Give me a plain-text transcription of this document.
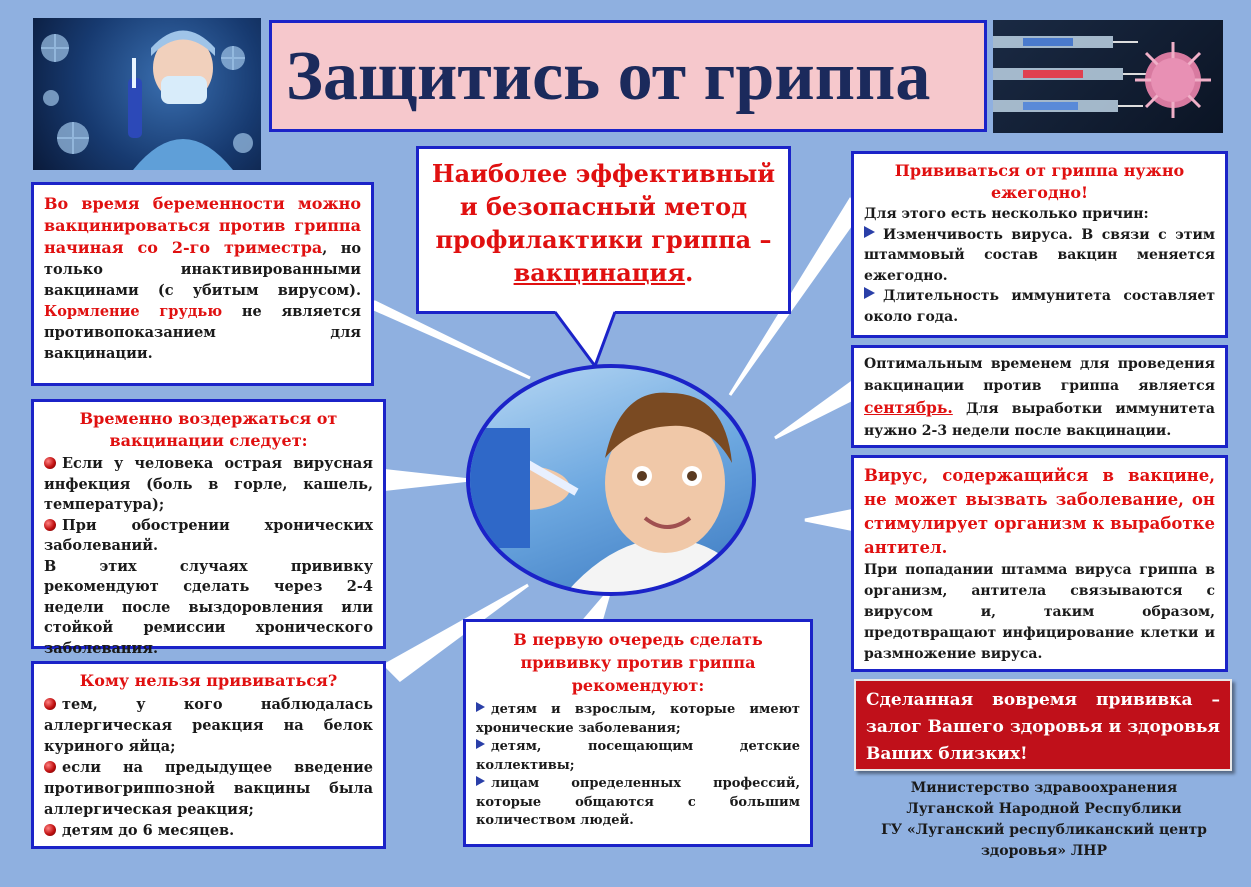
Защитись от гриппа
Наиболее эффективный
и безопасный метод
профилактики гриппа –
вакцинация.
Во время беременности можно вакцинироваться против гриппа начиная со 2-го триместра, но только инактивированными вакцинами (с убитым вирусом). Кормление грудью не является противопоказанием для вакцинации.
Временно воздержаться от вакцинации следует:
Если у человека острая вирусная инфекция (боль в горле, кашель, температура);
При обострении хронических заболеваний.
В этих случаях прививку рекомендуют сделать через 2-4 недели после выздоровления или стойкой ремиссии хронического заболевания.
Кому нельзя прививаться?
тем, у кого наблюдалась аллергическая реакция на белок куриного яйца;
если на предыдущее введение противогриппозной вакцины была аллергическая реакция;
детям до 6 месяцев.
В первую очередь сделать прививку против гриппа рекомендуют:
детям и взрослым, которые имеют хронические заболевания;
детям, посещающим детские коллективы;
лицам определенных профессий, которые общаются с большим количеством людей.
Прививаться от гриппа нужно ежегодно!
Для этого есть несколько причин:
Изменчивость вируса. В связи с этим штаммовый состав вакцин меняется ежегодно.
Длительность иммунитета составляет около года.
Оптимальным временем для проведения вакцинации против гриппа является сентябрь. Для выработки иммунитета нужно 2-3 недели после вакцинации.
Вирус, содержащийся в вакцине, не может вызвать заболевание, он стимулирует организм к выработке антител.
При попадании штамма вируса гриппа в организм, антитела связываются с вирусом и, таким образом, предотвращают инфицирование клетки и размножение вируса.
Сделанная вовремя прививка – залог Вашего здоровья и здоровья Ваших близких!
Министерство здравоохранения
Луганской Народной Республики
ГУ «Луганский республиканский центр
здоровья» ЛНР
